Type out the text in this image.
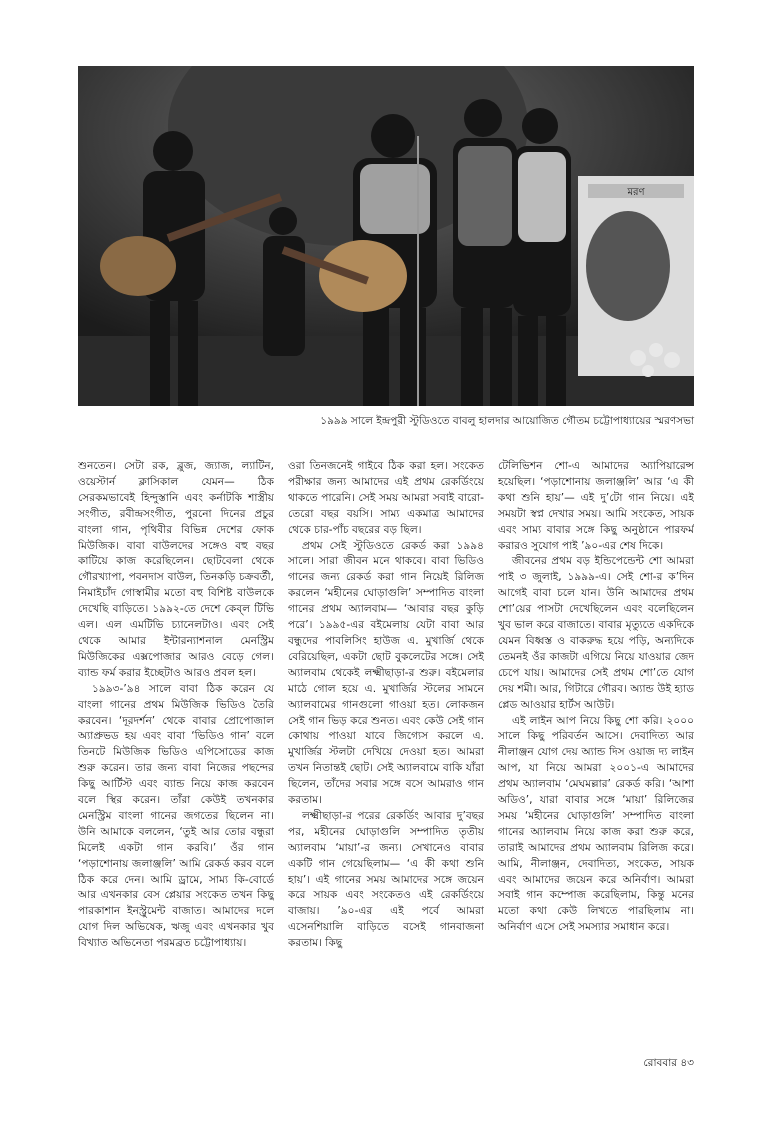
মরণ
১৯৯৯ সালে ইন্দ্রপুরী স্টুডিওতে বাবলু হালদার আয়োজিত গৌতম চট্টোপাধ্যায়ের স্মরণসভা

শুনতেন। সেটা রক, ব্লুজ, জ্যাজ, ল্যাটিন, ওয়েস্টার্ন ক্লাসিকাল যেমন— ঠিক সেরকমভাবেই হিন্দুস্তানি এবং কর্নাটকি শাস্ত্রীয় সংগীত, রবীন্দ্রসংগীত, পুরনো দিনের প্রচুর বাংলা গান, পৃথিবীর বিভিন্ন দেশের ফোক মিউজিক। বাবা বাউলদের সঙ্গেও বহু বছর কাটিয়ে কাজ করেছিলেন। ছোটবেলা থেকে গৌরখ্যাপা, পবনদাস বাউল, তিনকড়ি চক্রবর্তী, নিমাইচাঁদ গোস্বামীর মতো বহু বিশিষ্ট বাউলকে দেখেছি বাড়িতে। ১৯৯২-তে দেশে কেব্‌ল টিভি এল। এল এমটিভি চ্যানেলটাও। এবং সেই থেকে আমার ইন্টারন্যাশনাল মেনস্ট্রিম মিউজিকের এক্সপোজার আরও বেড়ে গেল। ব্যান্ড ফর্ম করার ইচ্ছেটাও আরও প্রবল হল।

১৯৯৩-’৯৪ সালে বাবা ঠিক করেন যে বাংলা গানের প্রথম মিউজিক ভিডিও তৈরি করবেন। ‘দূরদর্শন’ থেকে বাবার প্রোপোজাল অ্যাপ্রুভড হয় এবং বাবা ‘ভিডিও গান’ বলে তিনটে মিউজিক ভিডিও এপিসোডের কাজ শুরু করেন। তার জন্য বাবা নিজের পছন্দের কিছু আর্টিস্ট এবং ব্যান্ড নিয়ে কাজ করবেন বলে স্থির করেন। তাঁরা কেউই তখনকার মেনস্ট্রিম বাংলা গানের জগতের ছিলেন না। উনি আমাকে বললেন, ‘তুই আর তোর বন্ধুরা মিলেই একটা গান করবি।’ ওঁর গান ‘পড়াশোনায় জলাঞ্জলি’ আমি রেকর্ড করব বলে ঠিক করে দেন। আমি ড্রামে, সাম্য কি-বোর্ডে আর এখনকার বেস প্লেয়ার সংকেত তখন কিছু পারকাশান ইনস্ট্রুমেন্ট বাজাত। আমাদের দলে যোগ দিল অভিষেক, ঋজু এবং এখনকার খুব বিখ্যাত অভিনেতা পরমব্রত চট্টোপাধ্যায়।

ওরা তিনজনেই গাইবে ঠিক করা হল। সংকেত পরীক্ষার জন্য আমাদের এই প্রথম রেকর্ডিংয়ে থাকতে পারেনি। সেই সময় আমরা সবাই বারো-তেরো বছর বয়সি। সাম্য একমাত্র আমাদের থেকে চার-পাঁচ বছরের বড় ছিল।

প্রথম সেই স্টুডিওতে রেকর্ড করা ১৯৯৪ সালে। সারা জীবন মনে থাকবে। বাবা ভিডিও গানের জন্য রেকর্ড করা গান নিয়েই রিলিজ করলেন ‘মহীনের ঘোড়াগুলি’ সম্পাদিত বাংলা গানের প্রথম অ্যালবাম— ‘আবার বছর কুড়ি পরে’। ১৯৯৫-এর বইমেলায় যেটা বাবা আর বন্ধুদের পাবলিসিং হাউজ এ. মুখার্জি থেকে বেরিয়েছিল, একটা ছোট বুকলেটের সঙ্গে। সেই অ্যালবাম থেকেই লক্ষ্মীছাড়া-র শুরু। বইমেলার মাঠে গোল হয়ে এ. মুখার্জির স্টলের সামনে অ্যালবামের গানগুলো গাওয়া হত। লোকজন সেই গান ভিড় করে শুনত। এবং কেউ সেই গান কোথায় পাওয়া যাবে জিগ্যেস করলে এ. মুখার্জির স্টলটা দেখিয়ে দেওয়া হত। আমরা তখন নিতান্তই ছোট। সেই অ্যালবামে বাকি যাঁরা ছিলেন, তাঁদের সবার সঙ্গে বসে আমরাও গান করতাম।

লক্ষ্মীছাড়া-র পরের রেকর্ডিং আবার দু’বছর পর, মহীনের ঘোড়াগুলি সম্পাদিত তৃতীয় অ্যালবাম ‘মায়া’-র জন্য। সেখানেও বাবার একটি গান গেয়েছিলাম— ‘এ কী কথা শুনি হায়’। এই গানের সময় আমাদের সঙ্গে জয়েন করে সায়ক এবং সংকেতও এই রেকর্ডিংয়ে বাজায়। ’৯০-এর এই পর্বে আমরা এসেনশিয়ালি বাড়িতে বসেই গানবাজনা করতাম। কিছু

টেলিভিশন শো-এ আমাদের অ্যাপিয়ারেন্স হয়েছিল। ‘পড়াশোনায় জলাঞ্জলি’ আর ‘এ কী কথা শুনি হায়’— এই দু’টো গান নিয়ে। এই সময়টা স্বপ্ন দেখার সময়। আমি সংকেত, সায়ক এবং সাম্য বাবার সঙ্গে কিছু অনুষ্ঠানে পারফর্ম করারও সুযোগ পাই ’৯০-এর শেষ দিকে।

জীবনের প্রথম বড় ইন্ডিপেন্ডেন্ট শো আমরা পাই ৩ জুলাই, ১৯৯৯-এ। সেই শো-র ক’দিন আগেই বাবা চলে যান। উনি আমাদের প্রথম শো’য়ের পাসটা দেখেছিলেন এবং বলেছিলেন খুব ভাল করে বাজাতে। বাবার মৃত্যুতে একদিকে যেমন বিধ্বস্ত ও বাকরুদ্ধ হয়ে পড়ি, অন্যদিকে তেমনই ওঁর কাজটা এগিয়ে নিয়ে যাওয়ার জেদ চেপে যায়। আমাদের সেই প্রথম শো’তে যোগ দেয় শমী। আর, গিটারে গৌরব। অ্যান্ড উই হ্যাড প্লেড আওয়ার হার্টস আউট।

এই লাইন আপ নিয়ে কিছু শো করি। ২০০০ সালে কিছু পরিবর্তন আসে। দেবাদিত্য আর নীলাঞ্জন যোগ দেয় অ্যান্ড দিস ওয়াজ দ্য লাইন আপ, যা নিয়ে আমরা ২০০১-এ আমাদের প্রথম অ্যালবাম ‘মেঘমল্লার’ রেকর্ড করি। ‘আশা অডিও’, যারা বাবার সঙ্গে ‘মায়া’ রিলিজের সময় ‘মহীনের ঘোড়াগুলি’ সম্পাদিত বাংলা গানের অ্যালবাম নিয়ে কাজ করা শুরু করে, তারাই আমাদের প্রথম অ্যালবাম রিলিজ করে। আমি, নীলাঞ্জন, দেবাদিত্য, সংকেত, সায়ক এবং আমাদের জয়েন করে অনির্বাণ। আমরা সবাই গান কম্পোজ করেছিলাম, কিন্তু মনের মতো কথা কেউ লিখতে পারছিলাম না। অনির্বাণ এসে সেই সমস্যার সমাধান করে।

রোববার ৪৩
